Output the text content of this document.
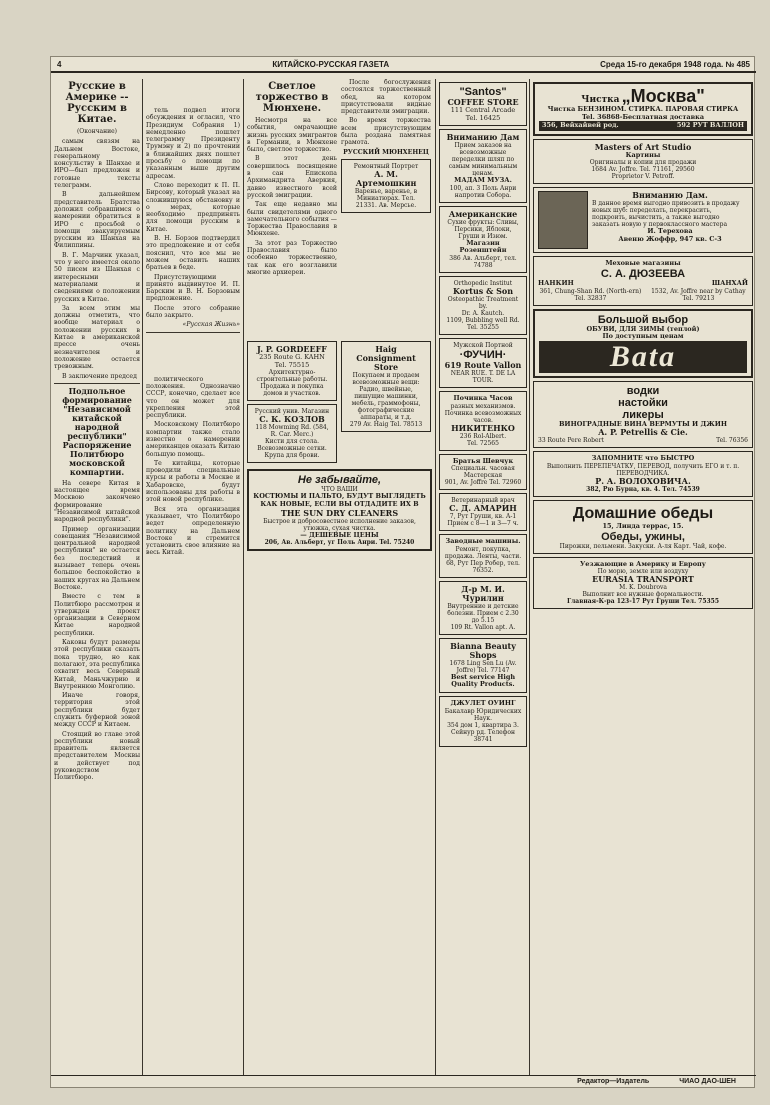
4	КИТАЙСКО-РУССКАЯ ГАЗЕТА	Среда 15-го декабря 1948 года. № 485
Русские в Америке -- Русским в Китае.
(Окончание)

самым связям на Дальнем Востоке, генеральному консульству в Шанхае и ИРО—был предложен и готовые тексты телеграмм.

В дальнейшем представитель Братства доложил собравшимся о намерении обратиться в ИРО с просьбой о помощи эвакуируемым русским из Шанхая на Филиппины.

В. Г. Марчинк указал, что у него имеется около 50 писем из Шанхая с интересными материалами и сведениями о положении русских в Китае.

За всем этим мы должны отметить, что вообще материал о положении русских в Китае в американской прессе очень незначителен и положение остается тревожным.

В заключение председ

Подпольное формирование "Независимой китайской народной республики" Распоряжение Политбюро московской компартии.

На севере Китая в настоящее время Москвою закончено формирование "Независимой китайской народной республики".

Пример организации совещания "Независимой центральной народной республики" не остается без последствий и вызывает теперь очень большое беспокойство в наших кругах на Дальнем Востоке.

Вместе с тем в Политбюро рассмотрен и утвержден проект организации в Северном Китае народной республики.

Каковы будут размеры этой республики сказать пока трудно, но как полагают, эта республика охватит весь Северный Китай, Маньчжурию и Внутреннюю Монголию.

Иначе говоря, территория этой республики будет служить буферной зоной между СССР и Китаем.

Стоящий во главе этой республики новый правитель является представителем Москвы и действует под руководством Политбюро.

тель подвел итоги обсуждения и огласил, что Президиум Собрания 1) немедленно пошлет телеграмму Президенту Трумэну и 2) по прочтении в ближайших днях пошлет просьбу о помощи по указанным выше другим адресам.

Слово переходит к П. П. Бирсову, который указал на сложившуюся обстановку и о мерах, которые необходимо предпринять для помощи русским в Китае.

В. Н. Борзов подтвердил это предложение и от себя пояснил, что все мы не можем оставить наших братьев в беде.

Присутствующими принято выдвинутое И. П. Барским и В. Н. Борзовым предложение.

После этого собрание было закрыто.

«Русская Жизнь»

политического положения. Однозначно СССР, конечно, сделает все что он может для укрепления этой республики.

Московскому Политбюро компартии также стало известно о намерении американцев оказать Китаю большую помощь.

Те китайцы, которые проводили специальные курсы и работы в Москве и Хабаровске, будут использованы для работы в этой новой республике.

Вся эта организация указывает, что Политбюро ведет определенную политику на Дальнем Востоке и стремится установить свое влияние на весь Китай.

Светлое торжество в Мюнхене.

Несмотря на все события, омрачающие жизнь русских эмигрантов в Германии, в Мюнхене было, светлое торжество.

В этот день совершилось посвящение в сан Епископа Архимандрита Аверкия, давно известного всей русской эмиграции.

Так еще недавно мы были свидетелями одного замечательного события — Торжества Православия в Мюнхене.

За этот раз Торжество Православия было особенно торжественно, так как его возглавили многие архиереи.

После богослужения состоялся торжественный обед, на котором присутствовали видные представители эмиграции.

Во время торжества всем присутствующим была роздана памятная грамота.

РУССКИЙ МЮНХЕНЕЦ
Ремонтный Портрет
А. М. Артемошкин
Варенье, варенье, в Миниатюрах. Тел. 21331. Ав. Мерсье.
J. P. GORDEEFF
235 Route G. KAHN
Tel. 75515
Архитектурно-строительные работы. Продажа и покупка домов и участков.
Русский унив. Магазин
С. К. КОЗЛОВ
118 Mowming Rd. (584, R. Car. Merc.)
Кисти для стола. Всевозможные сетки. Крупа для брови.
Haig Consignment Store
Покупаем и продаем всевозможные вещи: Радио, швейные, пишущие машинки, мебель, граммофоны, фотографические аппараты, и т.д.
279 Av. Haig Tel. 78513
Не забывайте,
ЧТО ВАШИ
КОСТЮМЫ И ПАЛЬТО, БУДУТ ВЫГЛЯДЕТЬ КАК НОВЫЕ, ЕСЛИ ВЫ ОТДАДИТЕ ИХ В
THE SUN DRY CLEANERS
Быстрое и добросовестное исполнение заказов, утюжка, сухая чистка.
— ДЕШЕВЫЕ ЦЕНЫ
206, Ав. Альберт, уг Поль Анри. Tel. 75240
"Santos"
COFFEE STORE
111 Central Arcade
Tel. 16425
Вниманию Дам
Прием заказов на всевозможные переделки шляп по самым минимальным ценам.
МАДАМ МУЗА.
100, ап. 3 Поль Анри напротив Собора.
Американские
Сухие фрукты: Сливы, Персики, Яблоки, Груши и Изюм.
Магазин Розенштейн
386 Ав. Альберт, тел. 74788
Orthopedic Institut
Kortus & Son
Osteopathic Treatment by.
Dr. A. Kautch.
1109, Bubbling well Rd.
Tel. 35255
Мужской Портной
·ФУЧИН·
619 Route Vallon
NEAR RUE. T. DE LA TOUR.
Починка Часов
разных механизмов. Починка всевозможных часов.
НИКИТЕНКО
236 Rol-Albert.
Tel. 72565
Братья Шевчук
Специальн. часовая Мастерская
901, Av. Joffre Tel. 72960
Ветеринарный врач
С. Д. АМАРИН
7, Рут Груши, кв. А-1
Прием с 8—1 и 3—7 ч.
Заводные машины.
Ремонт, покупка, продажа. Ленты, части.
68, Рут Пер Робер, тел. 76352.
Д-р М. И. Чурилин
Внутренние и детские болезни. Прием с 2.30 до 5.15
109 Rt. Vallon apt. A.
Bianna Beauty Shops
1678 Ling Sen Lu (Av. Joffre) Tel. 77147
Best service High Quality Products.
ДЖУЛЕТ ОУИНГ
Бакалавр Юридических Наук.
354 дом 1, квартира 3. Сейнур рд. Телефон 38741
Чистка „Москва"
Чистка БЕНЗИНОМ. СТИРКА. ПАРОВАЯ СТИРКА
Tel. 36868-Бесплатная доставка
356, Вейхайвей род.	592 РУТ ВАЛЛОН
Masters of Art Studio
Картины
Оригиналы и копии для продажи
1684 Av. Joffre. Tel. 71161, 29560
Proprietor V. Petroff.
Вниманию Дам.
В данное время выгодно привозить в продажу новых шуб: переделать, перекрасить, подкроить, вычистить, а также выгодно заказать новую у первоклассного мастера
И. Терехова
Авеню Жоффр, 947 кв. С-3
Меховые магазины
С. А. ДЮЗЕЕВА
НАНКИН	ШАНХАЙ
361, Chung-Shan Rd. (North-ern) Tel. 32837
1532, Av. Joffre near by Cathay Tel. 79213
Большой выбор
ОБУВИ, ДЛЯ ЗИМЫ (теплой)
По доступным ценам
Bata
водки
настойки
ликеры
ВИНОГРАДНЫЕ ВИНА ВЕРМУТЫ И ДЖИН
A. P. Petrellis & Cie.
33 Route Pere Robert	Tel. 76356
ЗАПОМНИТЕ что БЫСТРО
Выполнить ПЕРЕПЕЧАТКУ, ПЕРЕВОД, получить ЕГО и т. п. ПЕРЕВОДЧИКА.
Р. А. ВОЛОХОВИЧА.
382, Рю Бурна, кв. 4. Тел. 74539
Домашние обеды
15, Линда террас, 15.
Обеды, ужины,
Пирожки, пельмени. Закуски. А-ля Карт. Чай, кофе.
Уезжающие в Америку и Европу
По морю, земле или воздуху
EURASIA TRANSPORT
M. K. Doubrova
Выполнит все нужные формальности.
Главная-К-ра 123-17 Рут Груши Тел. 75355
Редактор—Издатель	ЧИАО ДАО-ШЕН
